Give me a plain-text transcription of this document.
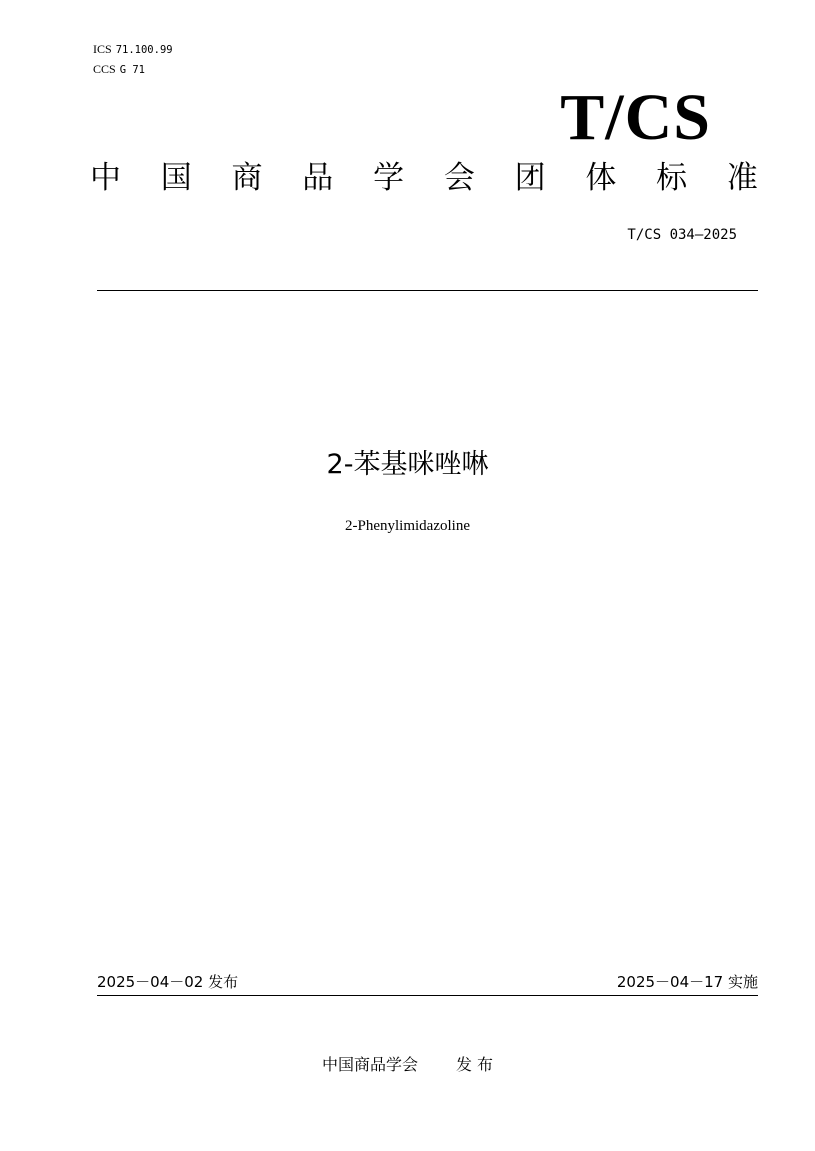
ICS 71.100.99
CCS G 71
T/CS
中 国 商 品 学 会 团 体 标 准
T/CS 034—2025
2-苯基咪唑啉
2-Phenylimidazoline
2025－04－02 发布	2025－04－17 实施
中国商品学会 发 布
